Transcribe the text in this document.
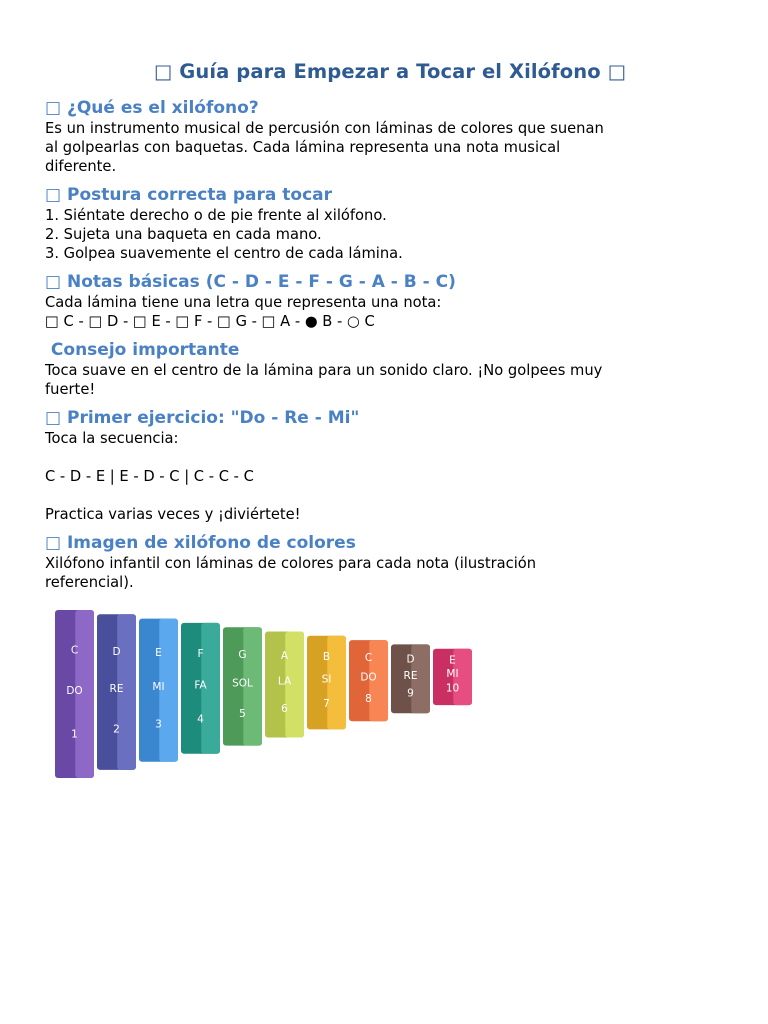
□ Guía para Empezar a Tocar el Xilófono □
□ ¿Qué es el xilófono?

Es un instrumento musical de percusión con láminas de colores que suenan

al golpearlas con baquetas. Cada lámina representa una nota musical

diferente.

□ Postura correcta para tocar

1. Siéntate derecho o de pie frente al xilófono.

2. Sujeta una baqueta en cada mano.

3. Golpea suavemente el centro de cada lámina.

□ Notas básicas (C - D - E - F - G - A - B - C)

Cada lámina tiene una letra que representa una nota:

□ C - □ D - □ E - □ F - □ G - □ A - ● B - ○ C

Consejo importante

Toca suave en el centro de la lámina para un sonido claro. ¡No golpees muy

fuerte!

□ Primer ejercicio: "Do - Re - Mi"

Toca la secuencia:

C - D - E | E - D - C | C - C - C

Practica varias veces y ¡diviértete!

□ Imagen de xilófono de colores

Xilófono infantil con láminas de colores para cada nota (ilustración

referencial).

C
DO
1
D
RE
2
E
MI
3
F
FA
4
G
SOL
5
A
LA
6
B
SI
7
C
DO
8
D
RE
9
E
MI
10
